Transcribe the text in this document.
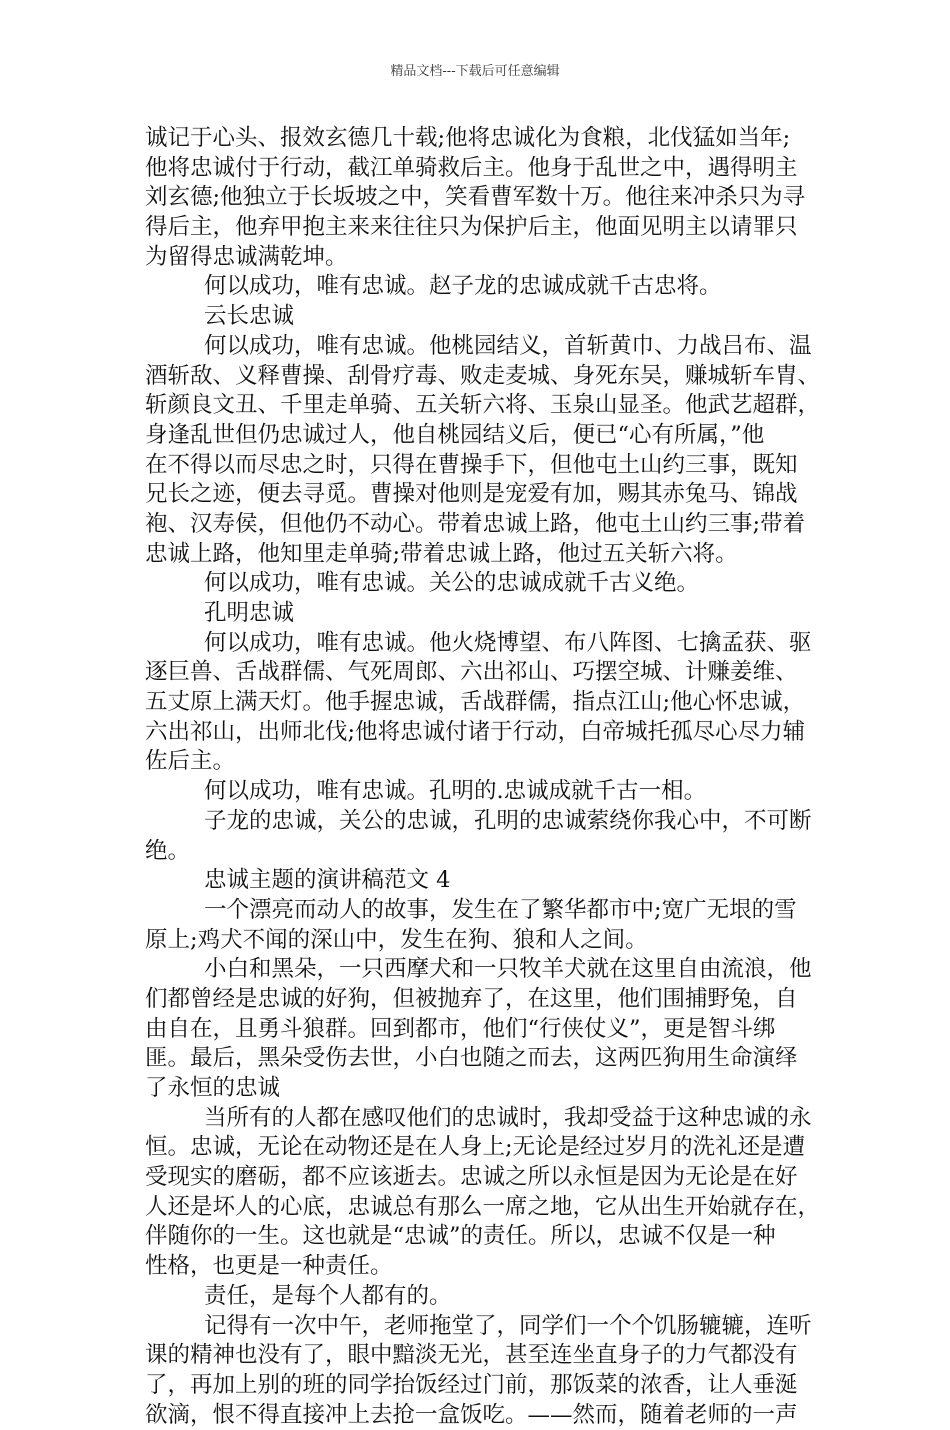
精品文档---下载后可任意编辑
诚记于心头、报效玄德几十载;他将忠诚化为食粮，北伐猛如当年;
他将忠诚付于行动，截江单骑救后主。他身于乱世之中，遇得明主
刘玄德;他独立于长坂坡之中，笑看曹军数十万。他往来冲杀只为寻
得后主，他弃甲抱主来来往往只为保护后主，他面见明主以请罪只
为留得忠诚满乾坤。
何以成功，唯有忠诚。赵子龙的忠诚成就千古忠将。
云长忠诚
何以成功，唯有忠诚。他桃园结义，首斩黄巾、力战吕布、温
酒斩敌、义释曹操、刮骨疗毒、败走麦城、身死东吴，赚城斩车胄、
斩颜良文丑、千里走单骑、五关斩六将、玉泉山显圣。他武艺超群，
身逢乱世但仍忠诚过人，他自桃园结义后，便已“心有所属，”他
在不得以而尽忠之时，只得在曹操手下，但他屯土山约三事，既知
兄长之迹，便去寻觅。曹操对他则是宠爱有加，赐其赤兔马、锦战
袍、汉寿侯，但他仍不动心。带着忠诚上路，他屯土山约三事;带着
忠诚上路，他知里走单骑;带着忠诚上路，他过五关斩六将。
何以成功，唯有忠诚。关公的忠诚成就千古义绝。
孔明忠诚
何以成功，唯有忠诚。他火烧博望、布八阵图、七擒孟获、驱
逐巨兽、舌战群儒、气死周郎、六出祁山、巧摆空城、计赚姜维、
五丈原上满天灯。他手握忠诚，舌战群儒，指点江山;他心怀忠诚，
六出祁山，出师北伐;他将忠诚付诸于行动，白帝城托孤尽心尽力辅
佐后主。
何以成功，唯有忠诚。孔明的.忠诚成就千古一相。
子龙的忠诚，关公的忠诚，孔明的忠诚萦绕你我心中，不可断
绝。
忠诚主题的演讲稿范文 4
一个漂亮而动人的故事，发生在了繁华都市中;宽广无垠的雪
原上;鸡犬不闻的深山中，发生在狗、狼和人之间。
小白和黑朵，一只西摩犬和一只牧羊犬就在这里自由流浪，他
们都曾经是忠诚的好狗，但被抛弃了，在这里，他们围捕野兔，自
由自在，且勇斗狼群。回到都市，他们“行侠仗义”，更是智斗绑
匪。最后，黑朵受伤去世，小白也随之而去，这两匹狗用生命演绎
了永恒的忠诚
当所有的人都在感叹他们的忠诚时，我却受益于这种忠诚的永
恒。忠诚，无论在动物还是在人身上;无论是经过岁月的洗礼还是遭
受现实的磨砺，都不应该逝去。忠诚之所以永恒是因为无论是在好
人还是坏人的心底，忠诚总有那么一席之地，它从出生开始就存在，
伴随你的一生。这也就是“忠诚”的责任。所以，忠诚不仅是一种
性格，也更是一种责任。
责任，是每个人都有的。
记得有一次中午，老师拖堂了，同学们一个个饥肠辘辘，连听
课的精神也没有了，眼中黯淡无光，甚至连坐直身子的力气都没有
了，再加上别的班的同学抬饭经过门前，那饭菜的浓香，让人垂涎
欲滴，恨不得直接冲上去抢一盒饭吃。——然而，随着老师的一声
